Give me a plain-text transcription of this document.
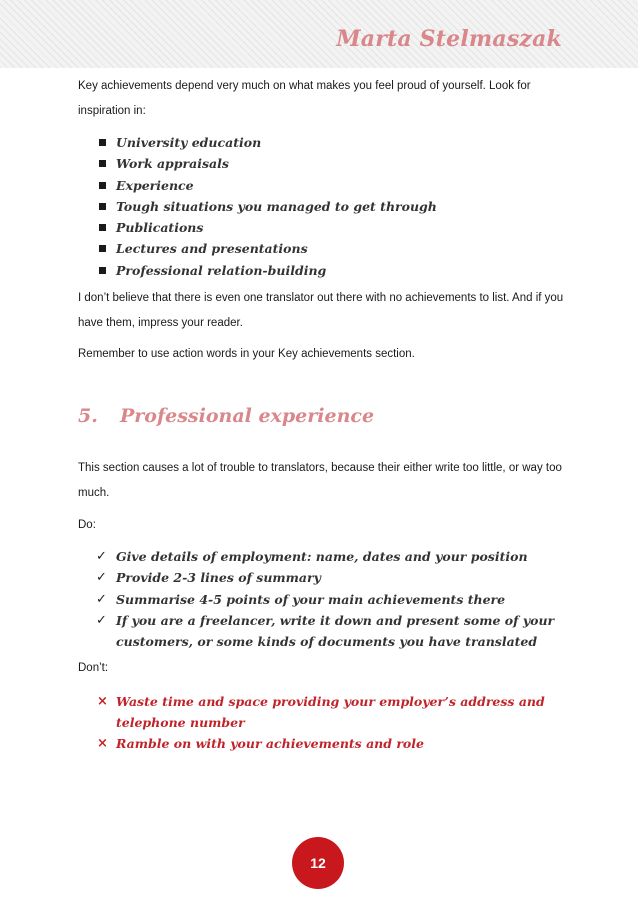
Marta Stelmaszak

Key achievements depend very much on what makes you feel proud of yourself. Look for inspiration in:

University education
Work appraisals
Experience
Tough situations you managed to get through
Publications
Lectures and presentations
Professional relation-building

I don’t believe that there is even one translator out there with no achievements to list. And if you have them, impress your reader.

Remember to use action words in your Key achievements section.

5. Professional experience

This section causes a lot of trouble to translators, because their either write too little, or way too much.

Do:

✓ Give details of employment: name, dates and your position
✓ Provide 2-3 lines of summary
✓ Summarise 4-5 points of your main achievements there
✓ If you are a freelancer, write it down and present some of your customers, or some kinds of documents you have translated

Don’t:

× Waste time and space providing your employer’s address and telephone number
× Ramble on with your achievements and role
12
